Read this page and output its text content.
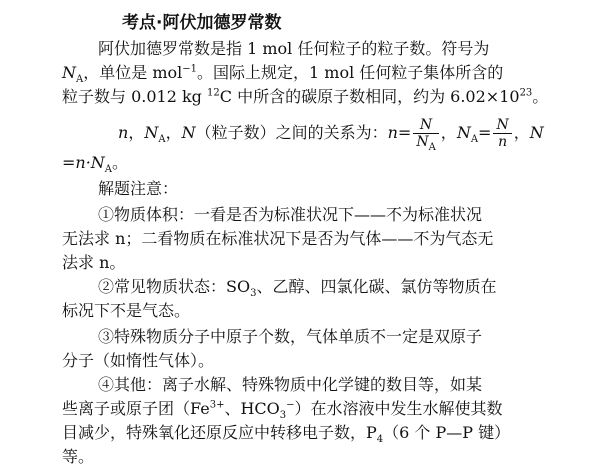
考点·阿伏加德罗常数
阿伏加德罗常数是指 1 mol 任何粒子的粒子数。符号为
$N_A$，单位是 mol$^{-1}$。国际上规定，1 mol 任何粒子集体所含的
粒子数与 0.012 kg $^{12}$C 中所含的碳原子数相同，约为 $6.02\times 10^{23}$。
n，$N_A$，N（粒子数）之间的关系为：$n= \frac{N}{N_A}$ ，$N_A= \frac{N}{n}$ ，N
$=n\cdot N_A$。
解题注意：
①物质体积：一看是否为标准状况下——不为标准状况
无法求 n；二看物质在标准状况下是否为气体——不为气态无
法求 n。
②常见物质状态：$SO_3$、乙醇、四氯化碳、氯仿等物质在
标况下不是气态。
③特殊物质分子中原子个数，气体单质不一定是双原子
分子（如惰性气体）。
④其他：离子水解、特殊物质中化学键的数目等，如某
些离子或原子团（$Fe^{3+}$、$HCO_3^-$）在水溶液中发生水解使其数
目减少，特殊氧化还原反应中转移电子数，$P_4(6$ 个 P—P 键）
等。
